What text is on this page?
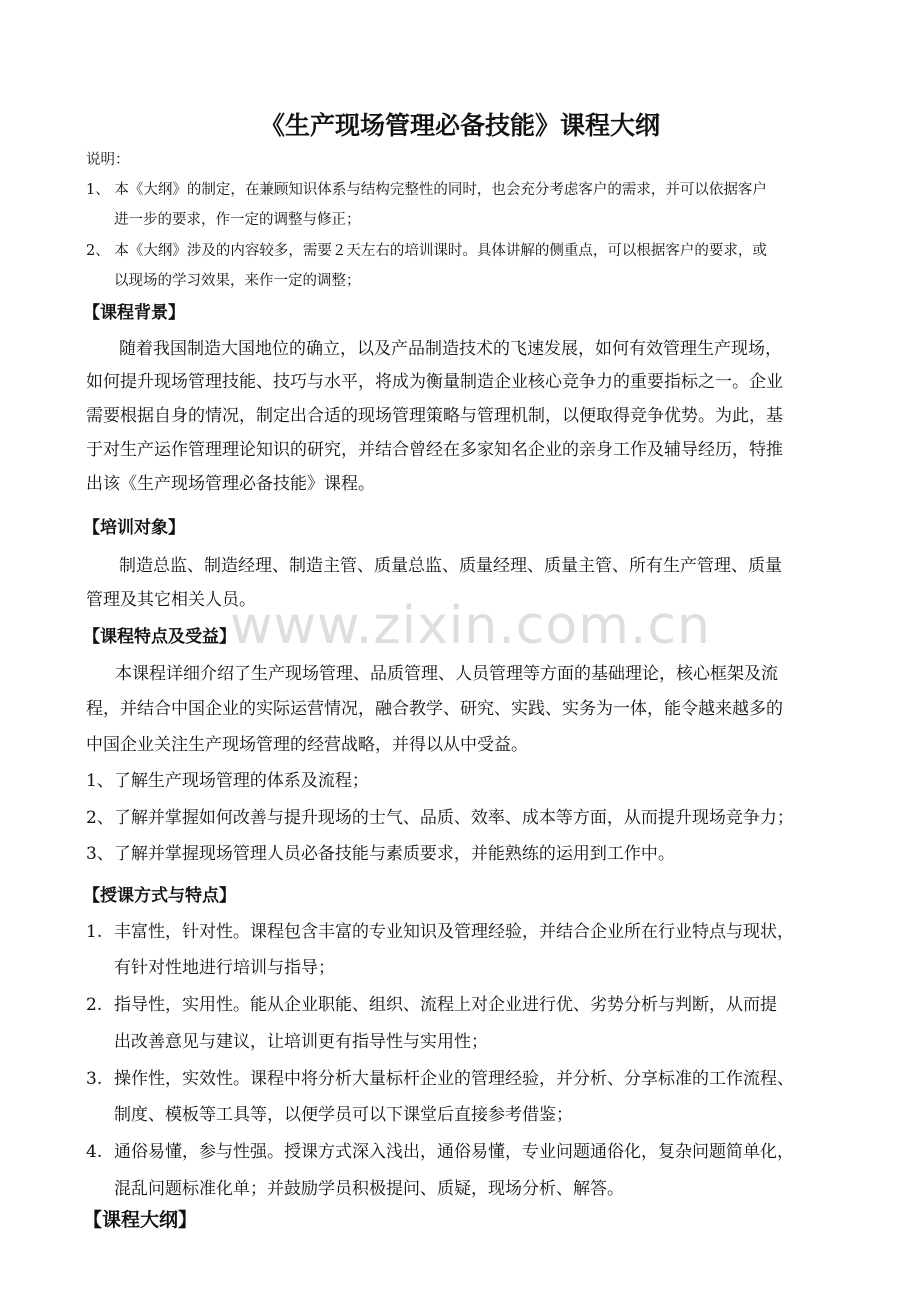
www.zixin.com.cn
《生产现场管理必备技能》课程大纲
说明：
1、 本《大纲》的制定，在兼顾知识体系与结构完整性的同时，也会充分考虑客户的需求，并可以依据客户
进一步的要求，作一定的调整与修正；
2、 本《大纲》涉及的内容较多，需要２天左右的培训课时。具体讲解的侧重点，可以根据客户的要求，或
以现场的学习效果，来作一定的调整；
【课程背景】
随着我国制造大国地位的确立，以及产品制造技术的飞速发展，如何有效管理生产现场，
如何提升现场管理技能、技巧与水平，将成为衡量制造企业核心竞争力的重要指标之一。企业
需要根据自身的情况，制定出合适的现场管理策略与管理机制，以便取得竞争优势。为此，基
于对生产运作管理理论知识的研究，并结合曾经在多家知名企业的亲身工作及辅导经历，特推
出该《生产现场管理必备技能》课程。
【培训对象】
制造总监、制造经理、制造主管、质量总监、质量经理、质量主管、所有生产管理、质量
管理及其它相关人员。
【课程特点及受益】
本课程详细介绍了生产现场管理、品质管理、人员管理等方面的基础理论，核心框架及流
程，并结合中国企业的实际运营情况，融合教学、研究、实践、实务为一体，能令越来越多的
中国企业关注生产现场管理的经营战略，并得以从中受益。
1、了解生产现场管理的体系及流程；
2、了解并掌握如何改善与提升现场的士气、品质、效率、成本等方面，从而提升现场竞争力；
3、了解并掌握现场管理人员必备技能与素质要求，并能熟练的运用到工作中。
【授课方式与特点】
1. 丰富性，针对性。课程包含丰富的专业知识及管理经验，并结合企业所在行业特点与现状，
有针对性地进行培训与指导；
2. 指导性，实用性。能从企业职能、组织、流程上对企业进行优、劣势分析与判断，从而提
出改善意见与建议，让培训更有指导性与实用性；
3. 操作性，实效性。课程中将分析大量标杆企业的管理经验，并分析、分享标准的工作流程、
制度、模板等工具等，以便学员可以下课堂后直接参考借鉴；
4. 通俗易懂，参与性强。授课方式深入浅出，通俗易懂，专业问题通俗化，复杂问题简单化，
混乱问题标准化单；并鼓励学员积极提问、质疑，现场分析、解答。
【课程大纲】
